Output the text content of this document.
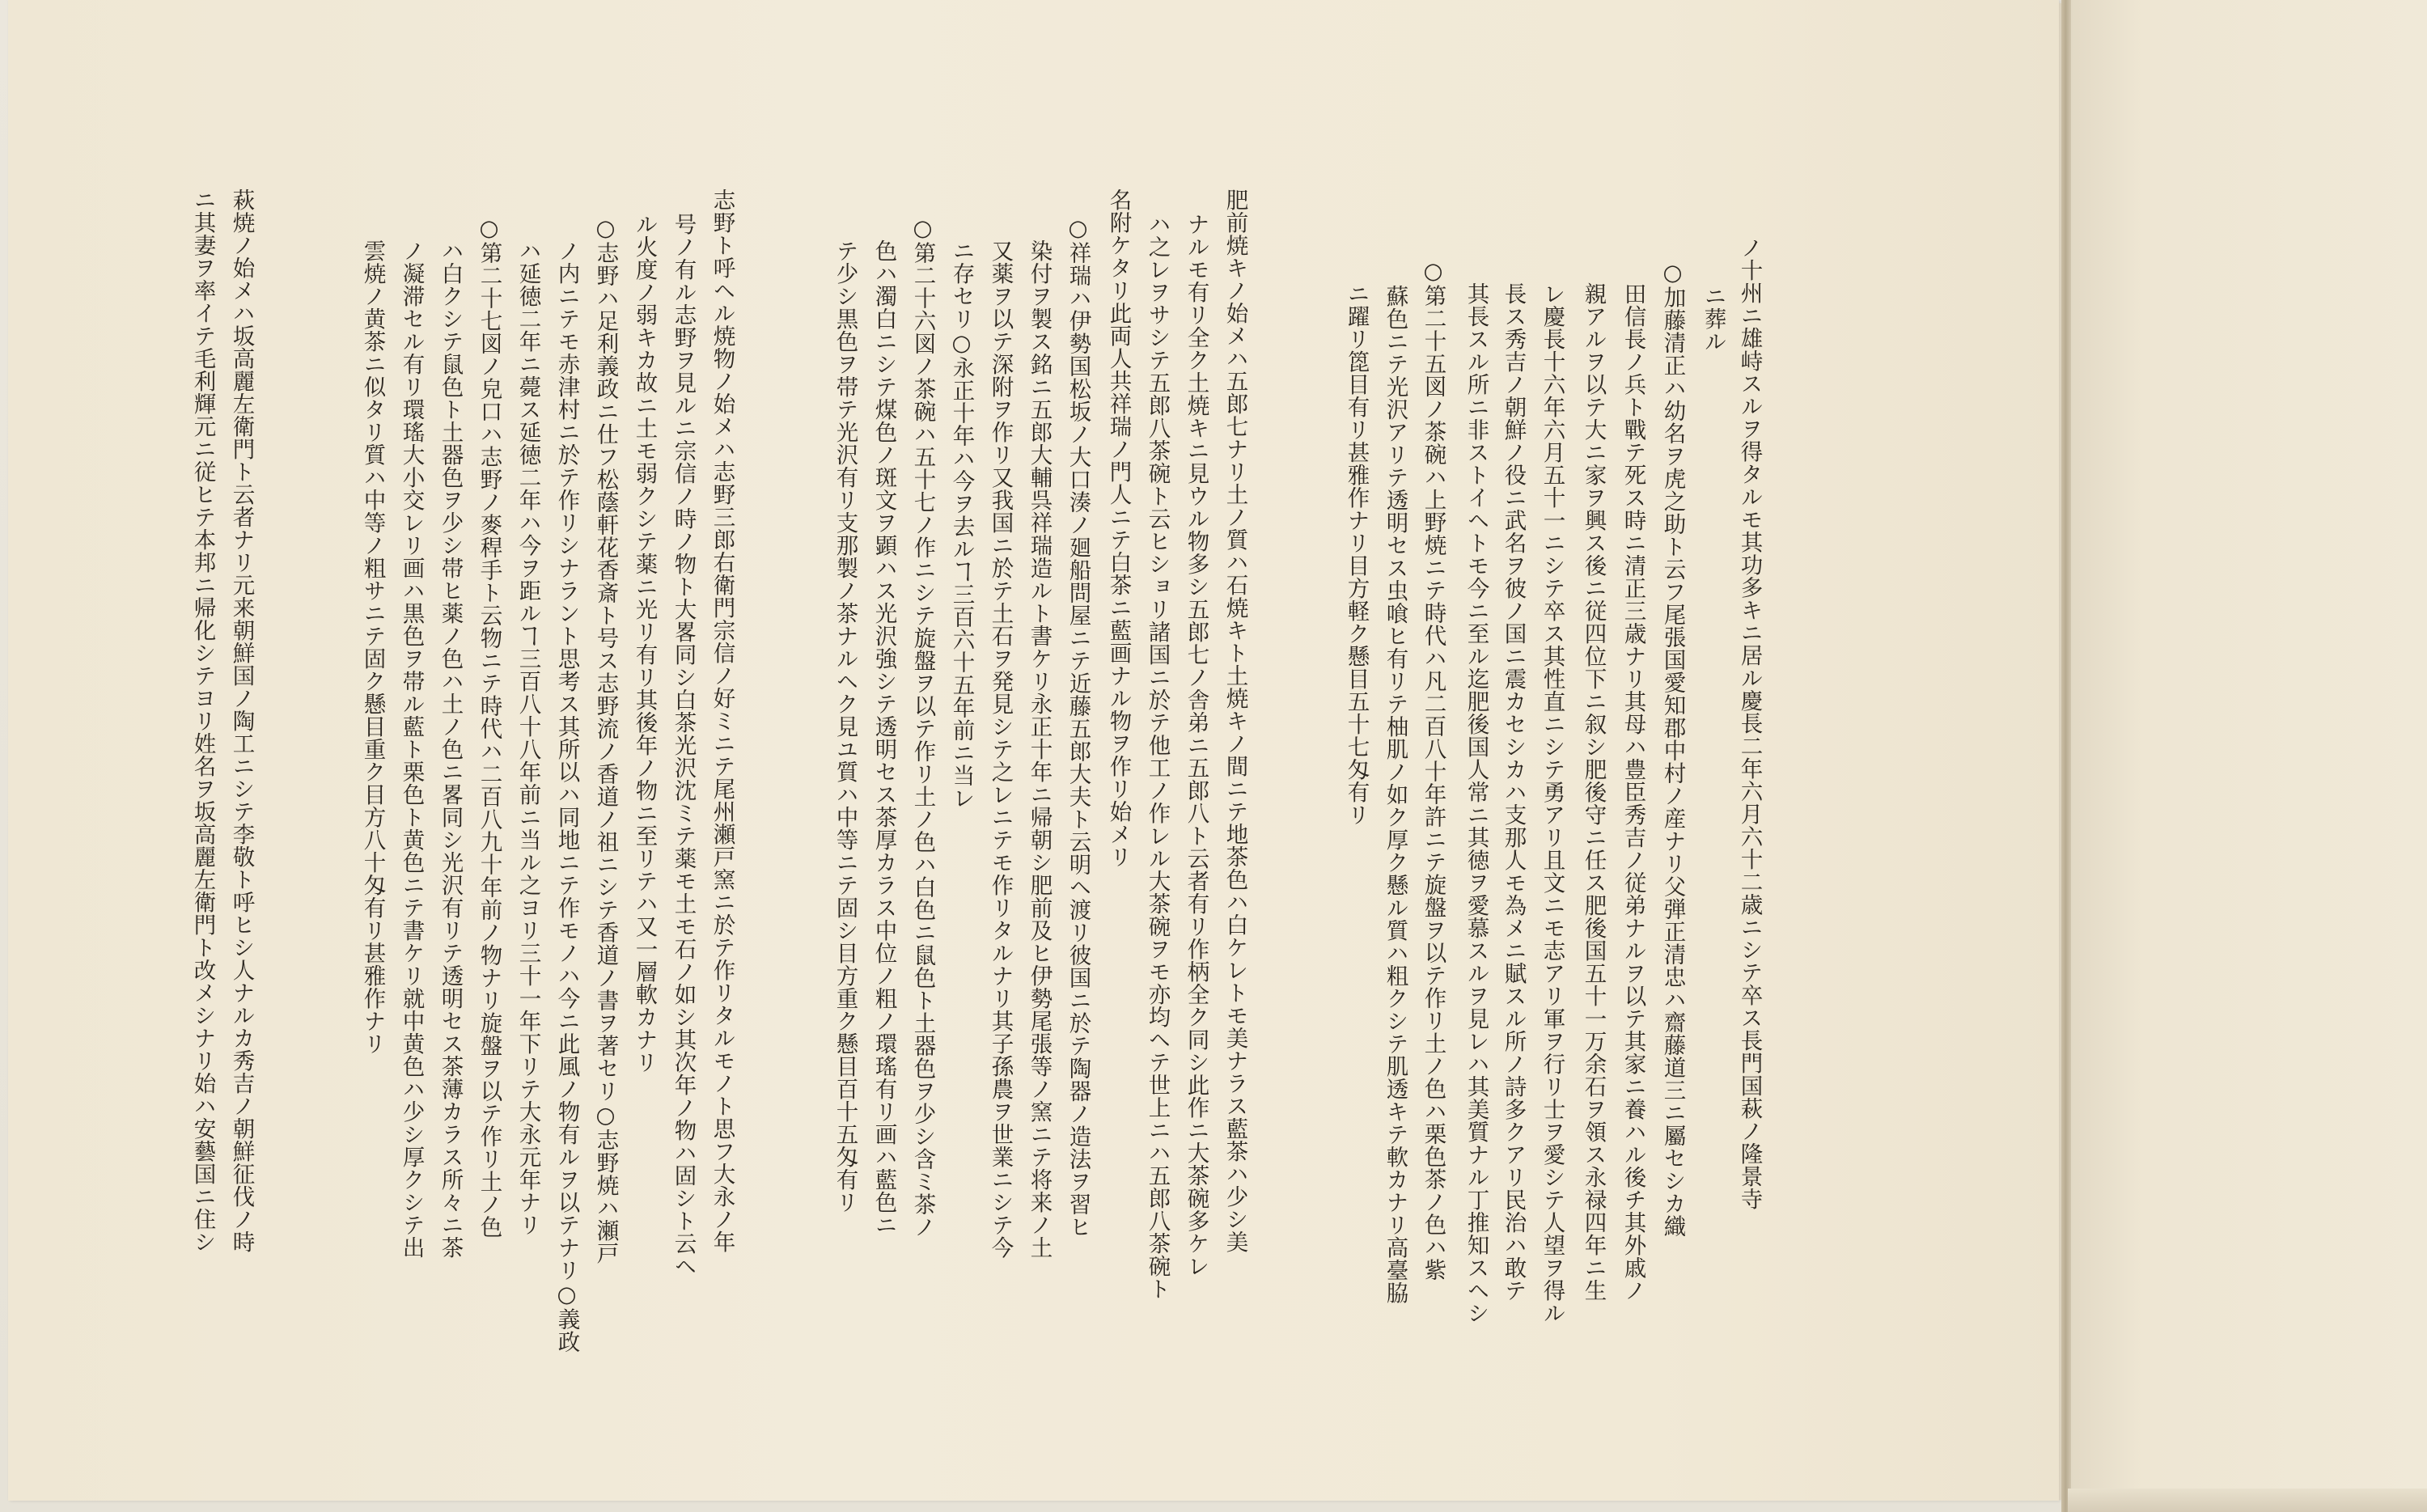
ノ十州ニ雄峙スルヲ得タルモ其功多キニ居ル慶長二年六月六十二歳ニシテ卒ス長門国萩ノ隆景寺

ニ葬ル

○加藤清正ハ幼名ヲ虎之助ト云フ尾張国愛知郡中村ノ産ナリ父弾正清忠ハ齋藤道三ニ屬セシカ織

田信長ノ兵ト戰テ死ス時ニ清正三歳ナリ其母ハ豊臣秀吉ノ従弟ナルヲ以テ其家ニ養ハル後チ其外戚ノ

親アルヲ以テ大ニ家ヲ興ス後ニ従四位下ニ叙シ肥後守ニ任ス肥後国五十一万余石ヲ領ス永禄四年ニ生

レ慶長十六年六月五十一ニシテ卒ス其性直ニシテ勇アリ且文ニモ志アリ軍ヲ行リ士ヲ愛シテ人望ヲ得ル

長ス秀吉ノ朝鮮ノ役ニ武名ヲ彼ノ国ニ震カセシカハ支那人モ為メニ賦スル所ノ詩多クアリ民治ハ敢テ

其長スル所ニ非ストイヘトモ今ニ至ル迄肥後国人常ニ其徳ヲ愛慕スルヲ見レハ其美質ナル丁推知スヘシ

○第二十五図ノ茶碗ハ上野焼ニテ時代ハ凡二百八十年許ニテ旋盤ヲ以テ作リ土ノ色ハ栗色茶ノ色ハ紫

蘇色ニテ光沢アリテ透明セス虫喰ヒ有リテ柚肌ノ如ク厚ク懸ル質ハ粗クシテ肌透キテ軟カナリ高臺脇

ニ躍リ箆目有リ甚雅作ナリ目方軽ク懸目五十七匁有リ

肥前焼キノ始メハ五郎七ナリ土ノ質ハ石焼キト土焼キノ間ニテ地茶色ハ白ケレトモ美ナラス藍茶ハ少シ美

ナルモ有リ全ク土焼キニ見ウル物多シ五郎七ノ舎弟ニ五郎八ト云者有リ作柄全ク同シ此作ニ大茶碗多ケレ

ハ之レヲサシテ五郎八茶碗ト云ヒショリ諸国ニ於テ他工ノ作レル大茶碗ヲモ亦均ヘテ世上ニハ五郎八茶碗ト

名附ケタリ此両人共祥瑞ノ門人ニテ白茶ニ藍画ナル物ヲ作リ始メリ

○祥瑞ハ伊勢国松坂ノ大口湊ノ廻船問屋ニテ近藤五郎大夫ト云明ヘ渡リ彼国ニ於テ陶器ノ造法ヲ習ヒ

染付ヲ製ス銘ニ五郎大輔呉祥瑞造ルト書ケリ永正十年ニ帰朝シ肥前及ヒ伊勢尾張等ノ窯ニテ将来ノ土

又薬ヲ以テ深附ヲ作リ又我国ニ於テ土石ヲ発見シテ之レニテモ作リタルナリ其子孫農ヲ世業ニシテ今

ニ存セリ○永正十年ハ今ヲ去ルヿ三百六十五年前ニ当レ

○第二十六図ノ茶碗ハ五十七ノ作ニシテ旋盤ヲ以テ作リ土ノ色ハ白色ニ鼠色ト土器色ヲ少シ含ミ茶ノ

色ハ濁白ニシテ煤色ノ斑文ヲ顕ハス光沢強シテ透明セス茶厚カラス中位ノ粗ノ環瑤有リ画ハ藍色ニ

テ少シ黒色ヲ帯テ光沢有リ支那製ノ茶ナルヘク見ユ質ハ中等ニテ固シ目方重ク懸目百十五匁有リ

志野ト呼ヘル焼物ノ始メハ志野三郎右衛門宗信ノ好ミニテ尾州瀬戸窯ニ於テ作リタルモノト思フ大永ノ年

号ノ有ル志野ヲ見ルニ宗信ノ時ノ物ト大畧同シ白茶光沢沈ミテ薬モ土モ石ノ如シ其次年ノ物ハ固シト云ヘ

ル火度ノ弱キカ故ニ土モ弱クシテ薬ニ光リ有リ其後年ノ物ニ至リテハ又一層軟カナリ

○志野ハ足利義政ニ仕フ松蔭軒花香斎ト号ス志野流ノ香道ノ祖ニシテ香道ノ書ヲ著セリ○志野焼ハ瀬戸

ノ内ニテモ赤津村ニ於テ作リシナラント思考ス其所以ハ同地ニテ作モノハ今ニ此風ノ物有ルヲ以テナリ○義政

ハ延徳二年ニ薨ス延徳二年ハ今ヲ距ルヿ三百八十八年前ニ当ル之ヨリ三十一年下リテ大永元年ナリ

○第二十七図ノ皃口ハ志野ノ麥稈手ト云物ニテ時代ハ二百八九十年前ノ物ナリ旋盤ヲ以テ作リ土ノ色

ハ白クシテ鼠色ト土器色ヲ少シ帯ヒ薬ノ色ハ土ノ色ニ畧同シ光沢有リテ透明セス茶薄カラス所々ニ茶

ノ凝滞セル有リ環瑤大小交レリ画ハ黒色ヲ帯ル藍ト栗色ト黄色ニテ書ケリ就中黄色ハ少シ厚クシテ出

雲焼ノ黄茶ニ似タリ質ハ中等ノ粗サニテ固ク懸目重ク目方八十匁有リ甚雅作ナリ

萩焼ノ始メハ坂高麗左衛門ト云者ナリ元来朝鮮国ノ陶工ニシテ李敬ト呼ヒシ人ナルカ秀吉ノ朝鮮征伐ノ時

ニ其妻ヲ率イテ毛利輝元ニ従ヒテ本邦ニ帰化シテヨリ姓名ヲ坂高麗左衛門ト改メシナリ始ハ安藝国ニ住シ
